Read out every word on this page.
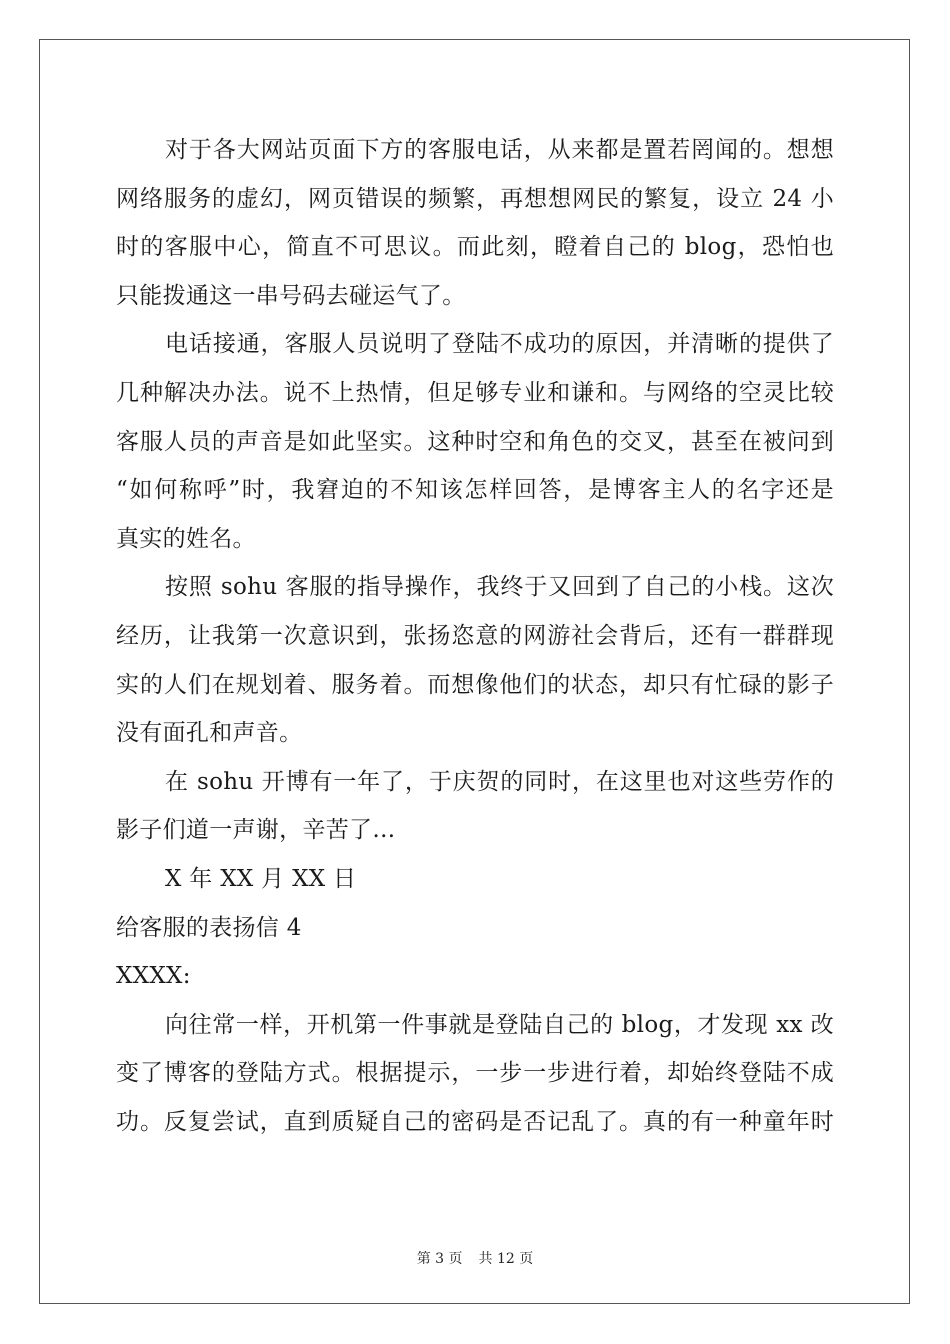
对于各大网站页面下方的客服电话，从来都是置若罔闻的。想想
网络服务的虚幻，网页错误的频繁，再想想网民的繁复，设立 24 小
时的客服中心，简直不可思议。而此刻，瞪着自己的 blog，恐怕也
只能拨通这一串号码去碰运气了。
电话接通，客服人员说明了登陆不成功的原因，并清晰的提供了
几种解决办法。说不上热情，但足够专业和谦和。与网络的空灵比较
客服人员的声音是如此坚实。这种时空和角色的交叉，甚至在被问到
“如何称呼”时，我窘迫的不知该怎样回答，是博客主人的名字还是
真实的姓名。
按照 sohu 客服的指导操作，我终于又回到了自己的小栈。这次
经历，让我第一次意识到，张扬恣意的网游社会背后，还有一群群现
实的人们在规划着、服务着。而想像他们的状态，却只有忙碌的影子
没有面孔和声音。
在 sohu 开博有一年了，于庆贺的同时，在这里也对这些劳作的
影子们道一声谢，辛苦了…
X 年 XX 月 XX 日
给客服的表扬信 4
XXXX:
向往常一样，开机第一件事就是登陆自己的 blog，才发现 xx 改
变了博客的登陆方式。根据提示，一步一步进行着，却始终登陆不成
功。反复尝试，直到质疑自己的密码是否记乱了。真的有一种童年时
第 3 页 共 12 页
